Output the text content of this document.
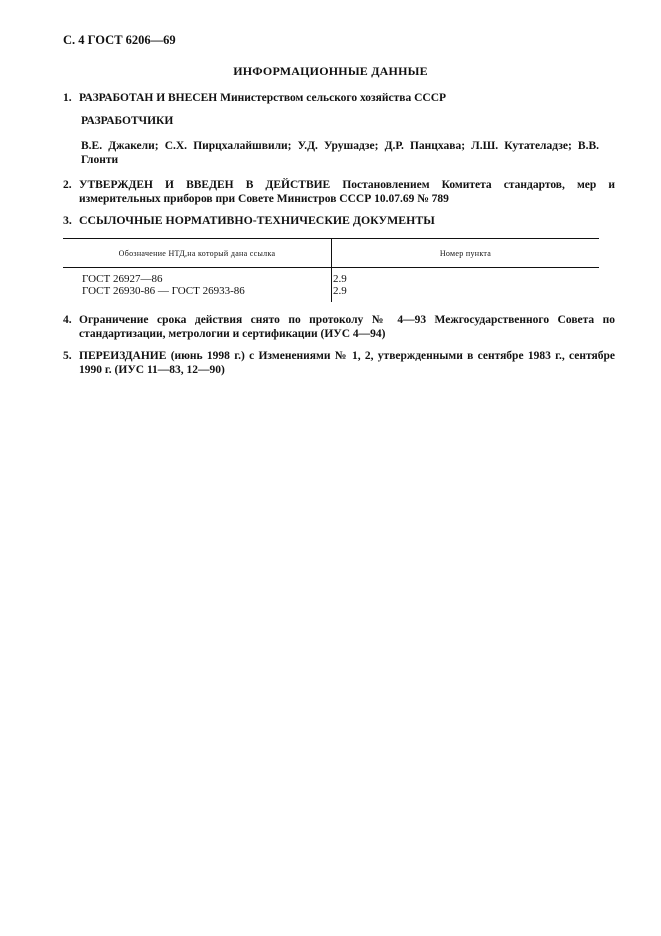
С. 4 ГОСТ 6206—69
ИНФОРМАЦИОННЫЕ ДАННЫЕ
1. РАЗРАБОТАН И ВНЕСЕН Министерством сельского хозяйства СССР
РАЗРАБОТЧИКИ
В.Е. Джакели; С.Х. Пирцхалайшвили; У.Д. Урушадзе; Д.Р. Панцхава; Л.Ш. Кутателадзе; В.В. Глонти
2. УТВЕРЖДЕН И ВВЕДЕН В ДЕЙСТВИЕ Постановлением Комитета стандартов, мер и измерительных приборов при Совете Министров СССР 10.07.69 № 789
3. ССЫЛОЧНЫЕ НОРМАТИВНО-ТЕХНИЧЕСКИЕ ДОКУМЕНТЫ
Обозначение НТД,на который дана ссылка	Номер пункта
ГОСТ 26927—86	2.9
ГОСТ 26930-86 — ГОСТ 26933-86	2.9
4. Ограничение срока действия снято по протоколу № 4—93 Межгосударственного Совета по стандартизации, метрологии и сертификации (ИУС 4—94)
5. ПЕРЕИЗДАНИЕ (июнь 1998 г.) с Изменениями № 1, 2, утвержденными в сентябре 1983 г., сентябре 1990 г. (ИУС 11—83, 12—90)
